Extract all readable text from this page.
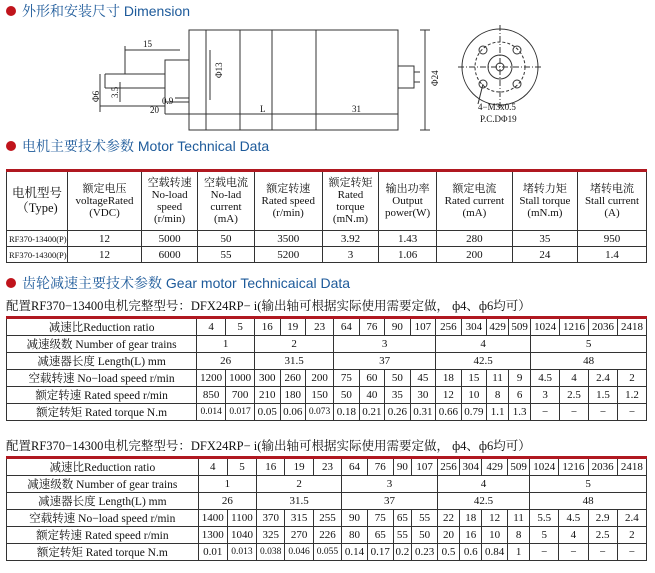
外形和安装尺寸 Dimension
15
Φ6 3.5
Φ13
20
0.9
L	31
Φ24
4−M3x0.5
P.C.DΦ19
电机主要技术参数 Motor Technical Data
电机型号
（Type)	额定电压
voltageRated
(VDC)	空载转速
No-load
speed
(r/min)	空载电流
No-lad
current
(mA)	额定转速
Rated speed
(r/min)	额定转矩
Rated
torque
(mN.m)	输出功率
Output
power(W)	额定电流
Rated current
(mA)	堵转力矩
Stall torque
(mN.m)	堵转电流
Stall current
(A)
RF370-13400(P)	12	5000	50	3500	3.92	1.43	280	35	950
RF370-14300(P)	12	6000	55	5200	3	1.06	200	24	1.4
齿轮减速主要技术参数 Gear motor Technicaical Data
配置RF370−13400电机完整型号：DFX24RP− i(输出轴可根据实际使用需要定做， ф4、ф6均可）
减速比Reduction ratio	4	5	16	19	23	64	76	90	107	256	304	429	509	1024	1216	2036	2418
减速级数 Number of gear trains	1		2			3				4				5			
减速器长度 Length(L) mm	26		31.5			37				42.5				48			
空载转速 No−load speed r/min	1200	1000	300	260	200	75	60	50	45	18	15	11	9	4.5	4	2.4	2
额定转速 Rated speed r/min	850	700	210	180	150	50	40	35	30	12	10	8	6	3	2.5	1.5	1.2
额定转矩 Rated torque N.m	0.014	0.017	0.05	0.06	0.073	0.18	0.21	0.26	0.31	0.66	0.79	1.1	1.3	−	−	−	−
配置RF370−14300电机完整型号：DFX24RP− i(输出轴可根据实际使用需要定做， ф4、ф6均可）
减速比Reduction ratio	4	5	16	19	23	64	76	90	107	256	304	429	509	1024	1216	2036	2418
减速级数 Number of gear trains	1		2			3				4				5			
减速器长度 Length(L) mm	26		31.5			37				42.5				48			
空载转速 No−load speed r/min	1400	1100	370	315	255	90	75	65	55	22	18	12	11	5.5	4.5	2.9	2.4
额定转速 Rated speed r/min	1300	1040	325	270	226	80	65	55	50	20	16	10	8	5	4	2.5	2
额定转矩 Rated torque N.m	0.01	0.013	0.038	0.046	0.055	0.14	0.17	0.2	0.23	0.5	0.6	0.84	1	−	−	−	−
